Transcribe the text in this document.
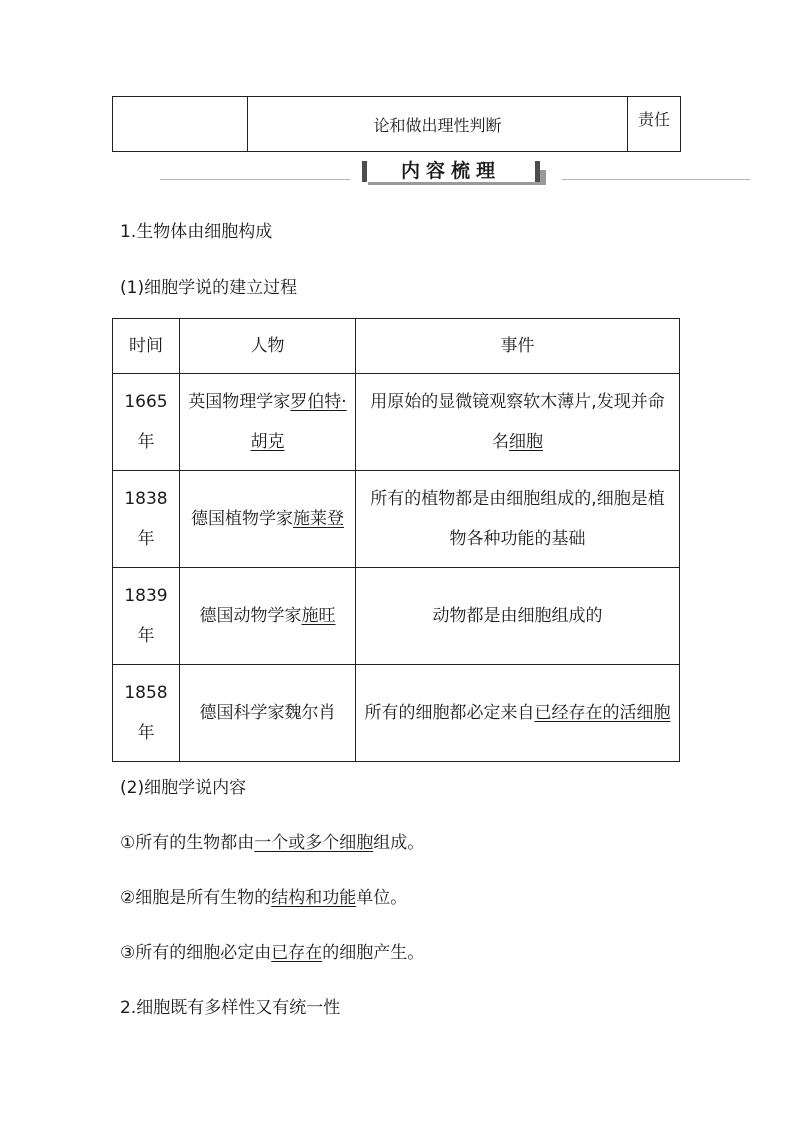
	论和做出理性判断	责任
内容梳理
1.生物体由细胞构成
(1)细胞学说的建立过程
时间	人物	事件
1665年	英国物理学家罗伯特·胡克	用原始的显微镜观察软木薄片,发现并命名细胞
1838年	德国植物学家施莱登	所有的植物都是由细胞组成的,细胞是植物各种功能的基础
1839年	德国动物学家施旺	动物都是由细胞组成的
1858年	德国科学家魏尔肖	所有的细胞都必定来自已经存在的活细胞
(2)细胞学说内容
①所有的生物都由一个或多个细胞组成。
②细胞是所有生物的结构和功能单位。
③所有的细胞必定由已存在的细胞产生。
2.细胞既有多样性又有统一性
